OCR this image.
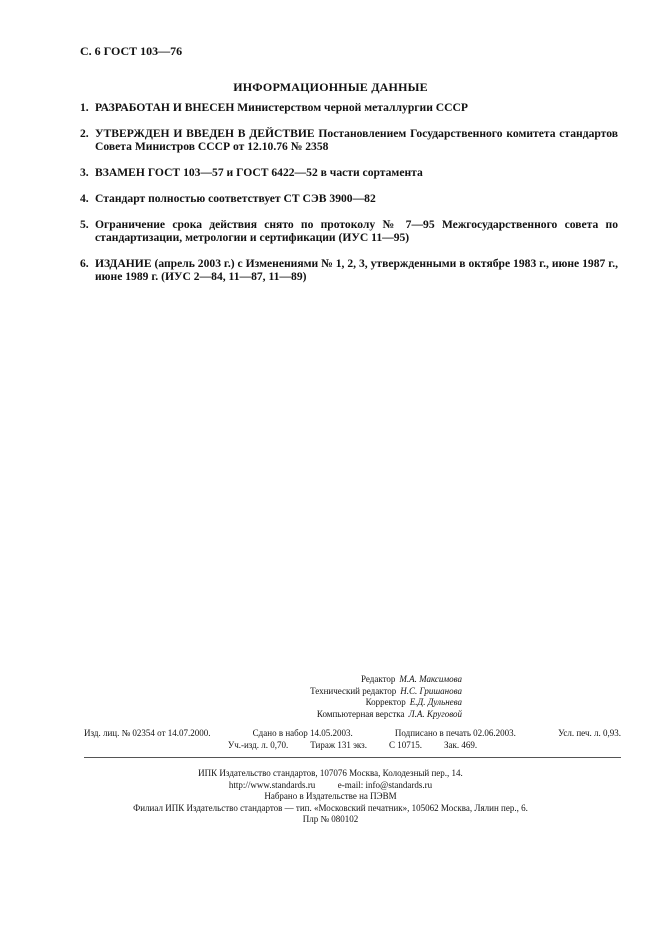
С. 6 ГОСТ 103—76
ИНФОРМАЦИОННЫЕ ДАННЫЕ
1. РАЗРАБОТАН И ВНЕСЕН Министерством черной металлургии СССР
2. УТВЕРЖДЕН И ВВЕДЕН В ДЕЙСТВИЕ Постановлением Государственного комитета стандартов Совета Министров СССР от 12.10.76 № 2358
3. ВЗАМЕН ГОСТ 103—57 и ГОСТ 6422—52 в части сортамента
4. Стандарт полностью соответствует СТ СЭВ 3900—82
5. Ограничение срока действия снято по протоколу № 7—95 Межгосударственного совета по стандартизации, метрологии и сертификации (ИУС 11—95)
6. ИЗДАНИЕ (апрель 2003 г.) с Изменениями № 1, 2, 3, утвержденными в октябре 1983 г., июне 1987 г., июне 1989 г. (ИУС 2—84, 11—87, 11—89)
Редактор М.А. Максимова
Технический редактор Н.С. Гришанова
Корректор Е.Д. Дульнева
Компьютерная верстка Л.А. Круговой
Изд. лиц. № 02354 от 14.07.2000.	Сдано в набор 14.05.2003.	Подписано в печать 02.06.2003.	Усл. печ. л. 0,93.
Уч.-изд. л. 0,70. Тираж 131 экз. С 10715. Зак. 469.
ИПК Издательство стандартов, 107076 Москва, Колодезный пер., 14.
http://www.standards.ru          e-mail: info@standards.ru
Набрано в Издательстве на ПЭВМ
Филиал ИПК Издательство стандартов — тип. «Московский печатник», 105062 Москва, Лялин пер., 6.
Плр № 080102
